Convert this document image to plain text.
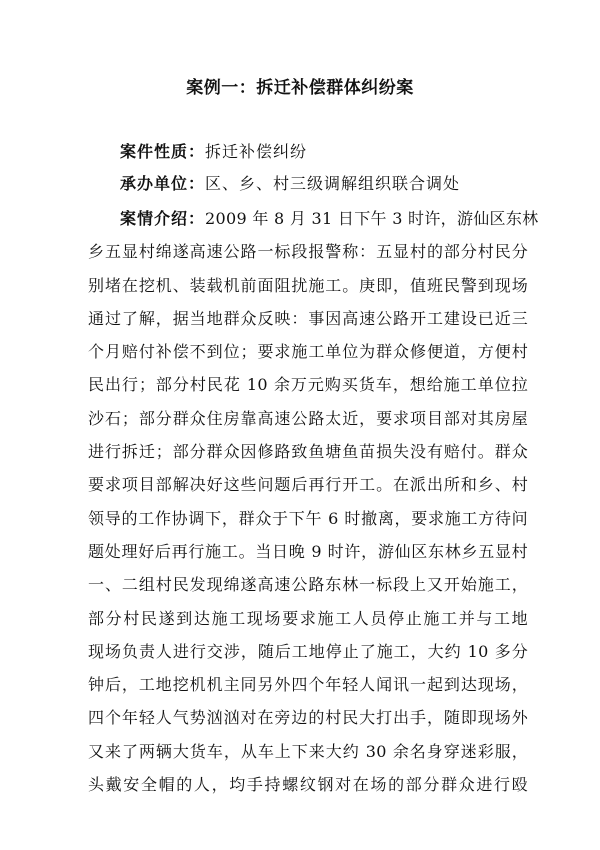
案例一：拆迁补偿群体纠纷案
案件性质：拆迁补偿纠纷
承办单位：区、乡、村三级调解组织联合调处
案情介绍：2009 年 8 月 31 日下午 3 时许，游仙区东林
乡五显村绵遂高速公路一标段报警称：五显村的部分村民分
别堵在挖机、装载机前面阻扰施工。庚即，值班民警到现场
通过了解，据当地群众反映：事因高速公路开工建设已近三
个月赔付补偿不到位；要求施工单位为群众修便道，方便村
民出行；部分村民花 10 余万元购买货车，想给施工单位拉
沙石；部分群众住房靠高速公路太近，要求项目部对其房屋
进行拆迁；部分群众因修路致鱼塘鱼苗损失没有赔付。群众
要求项目部解决好这些问题后再行开工。在派出所和乡、村
领导的工作协调下，群众于下午 6 时撤离，要求施工方待问
题处理好后再行施工。当日晚 9 时许，游仙区东林乡五显村
一、二组村民发现绵遂高速公路东林一标段上又开始施工，
部分村民遂到达施工现场要求施工人员停止施工并与工地
现场负责人进行交涉，随后工地停止了施工，大约 10 多分
钟后，工地挖机机主同另外四个年轻人闻讯一起到达现场，
四个年轻人气势汹汹对在旁边的村民大打出手，随即现场外
又来了两辆大货车，从车上下来大约 30 余名身穿迷彩服，
头戴安全帽的人，均手持螺纹钢对在场的部分群众进行殴
